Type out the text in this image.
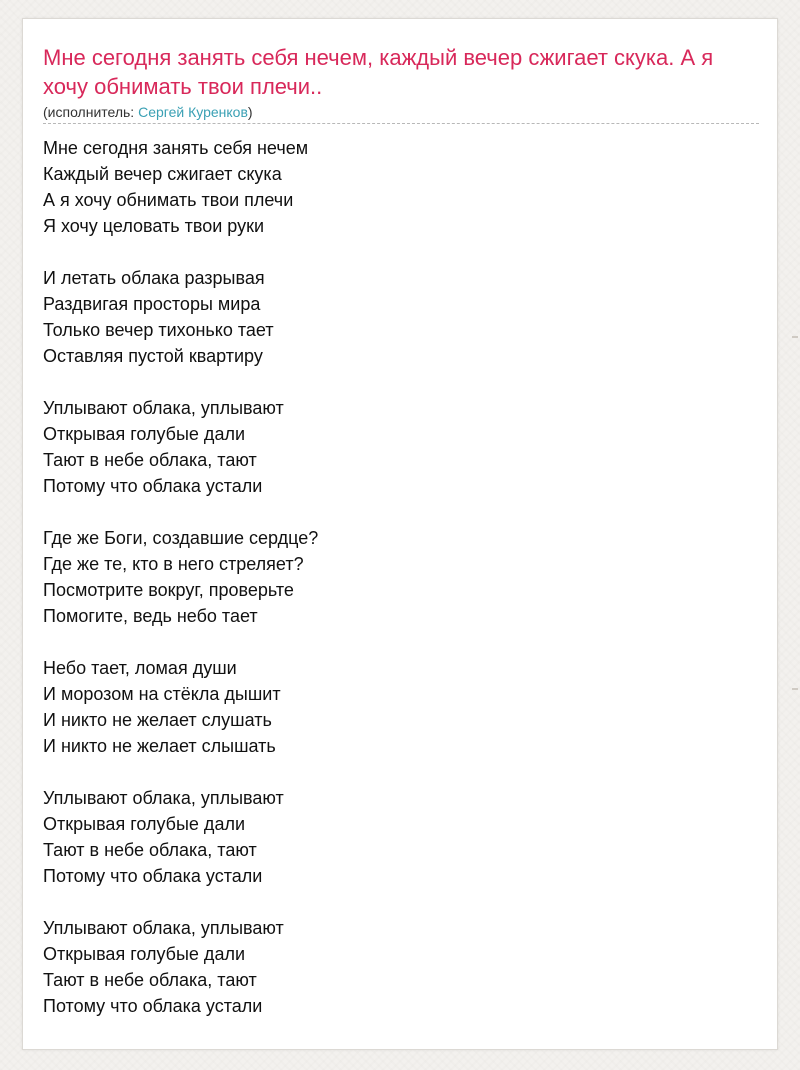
Мне сегодня занять себя нечем, каждый вечер сжигает скука. А я хочу обнимать твои плечи..
(исполнитель: Сергей Куренков)
Мне сегодня занять себя нечем
Каждый вечер сжигает скука
А я хочу обнимать твои плечи
Я хочу целовать твои руки
И летать облака разрывая
Раздвигая просторы мира
Только вечер тихонько тает
Оставляя пустой квартиру
Уплывают облака, уплывают
Открывая голубые дали
Тают в небе облака, тают
Потому что облака устали
Где же Боги, создавшие сердце?
Где же те, кто в него стреляет?
Посмотрите вокруг, проверьте
Помогите, ведь небо тает
Небо тает, ломая души
И морозом на стёкла дышит
И никто не желает слушать
И никто не желает слышать
Уплывают облака, уплывают
Открывая голубые дали
Тают в небе облака, тают
Потому что облака устали
Уплывают облака, уплывают
Открывая голубые дали
Тают в небе облака, тают
Потому что облака устали
